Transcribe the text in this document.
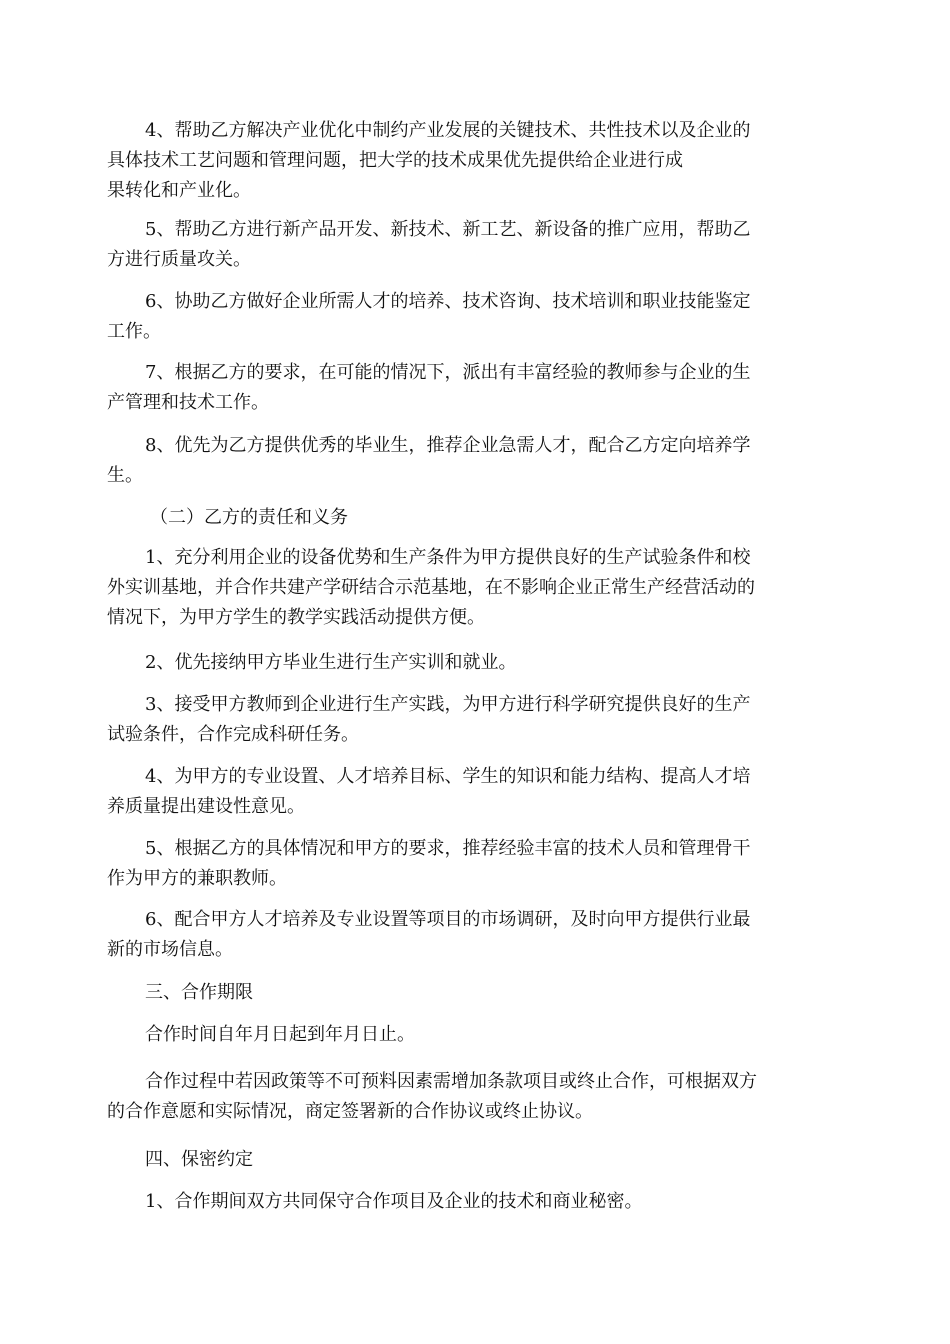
4、帮助乙方解决产业优化中制约产业发展的关键技术、共性技术以及企业的
具体技术工艺问题和管理问题，把大学的技术成果优先提供给企业进行成
果转化和产业化。

5、帮助乙方进行新产品开发、新技术、新工艺、新设备的推广应用，帮助乙
方进行质量攻关。

6、协助乙方做好企业所需人才的培养、技术咨询、技术培训和职业技能鉴定
工作。

7、根据乙方的要求，在可能的情况下，派出有丰富经验的教师参与企业的生
产管理和技术工作。

8、优先为乙方提供优秀的毕业生，推荐企业急需人才，配合乙方定向培养学
生。

（二）乙方的责任和义务

1、充分利用企业的设备优势和生产条件为甲方提供良好的生产试验条件和校
外实训基地，并合作共建产学研结合示范基地，在不影响企业正常生产经营活动的
情况下，为甲方学生的教学实践活动提供方便。

2、优先接纳甲方毕业生进行生产实训和就业。

3、接受甲方教师到企业进行生产实践，为甲方进行科学研究提供良好的生产
试验条件，合作完成科研任务。

4、为甲方的专业设置、人才培养目标、学生的知识和能力结构、提高人才培
养质量提出建设性意见。

5、根据乙方的具体情况和甲方的要求，推荐经验丰富的技术人员和管理骨干
作为甲方的兼职教师。

6、配合甲方人才培养及专业设置等项目的市场调研，及时向甲方提供行业最
新的市场信息。

三、合作期限

合作时间自年月日起到年月日止。

合作过程中若因政策等不可预料因素需增加条款项目或终止合作，可根据双方
的合作意愿和实际情况，商定签署新的合作协议或终止协议。

四、保密约定

1、合作期间双方共同保守合作项目及企业的技术和商业秘密。
